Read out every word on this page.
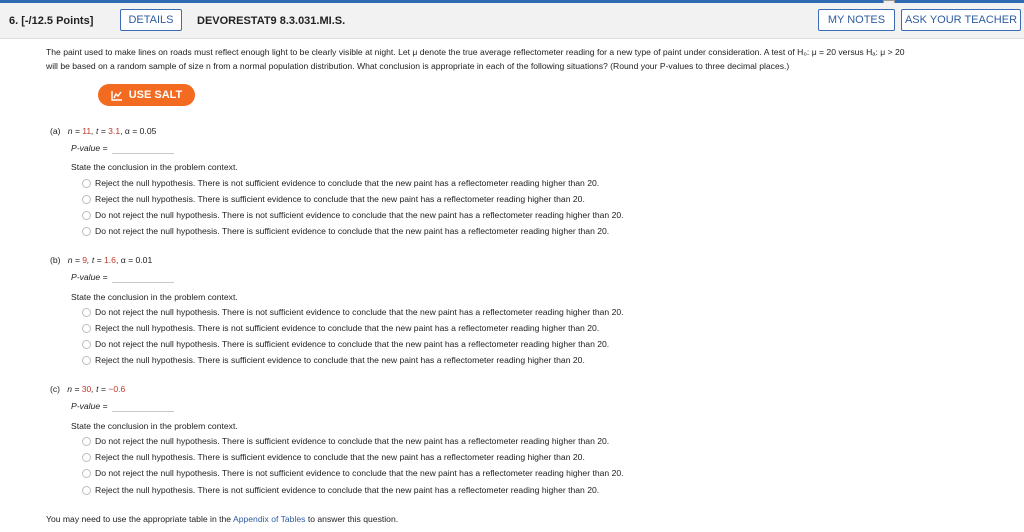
6. [-/12.5 Points]	DETAILS	DEVORESTAT9 8.3.031.MI.S.	MY NOTES	ASK YOUR TEACHER
The paint used to make lines on roads must reflect enough light to be clearly visible at night. Let μ denote the true average reflectometer reading for a new type of paint under consideration. A test of H₀: μ = 20 versus Hₐ: μ > 20
will be based on a random sample of size n from a normal population distribution. What conclusion is appropriate in each of the following situations? (Round your P-values to three decimal places.)
USE SALT
(a) n = 11, t = 3.1, α = 0.05
P-value =
State the conclusion in the problem context.
Reject the null hypothesis. There is not sufficient evidence to conclude that the new paint has a reflectometer reading higher than 20.
Reject the null hypothesis. There is sufficient evidence to conclude that the new paint has a reflectometer reading higher than 20.
Do not reject the null hypothesis. There is not sufficient evidence to conclude that the new paint has a reflectometer reading higher than 20.
Do not reject the null hypothesis. There is sufficient evidence to conclude that the new paint has a reflectometer reading higher than 20.
(b) n = 9, t = 1.6, α = 0.01
P-value =
State the conclusion in the problem context.
Do not reject the null hypothesis. There is not sufficient evidence to conclude that the new paint has a reflectometer reading higher than 20.
Reject the null hypothesis. There is not sufficient evidence to conclude that the new paint has a reflectometer reading higher than 20.
Do not reject the null hypothesis. There is sufficient evidence to conclude that the new paint has a reflectometer reading higher than 20.
Reject the null hypothesis. There is sufficient evidence to conclude that the new paint has a reflectometer reading higher than 20.
(c) n = 30, t = −0.6
P-value =
State the conclusion in the problem context.
Do not reject the null hypothesis. There is sufficient evidence to conclude that the new paint has a reflectometer reading higher than 20.
Reject the null hypothesis. There is sufficient evidence to conclude that the new paint has a reflectometer reading higher than 20.
Do not reject the null hypothesis. There is not sufficient evidence to conclude that the new paint has a reflectometer reading higher than 20.
Reject the null hypothesis. There is not sufficient evidence to conclude that the new paint has a reflectometer reading higher than 20.
You may need to use the appropriate table in the Appendix of Tables to answer this question.
